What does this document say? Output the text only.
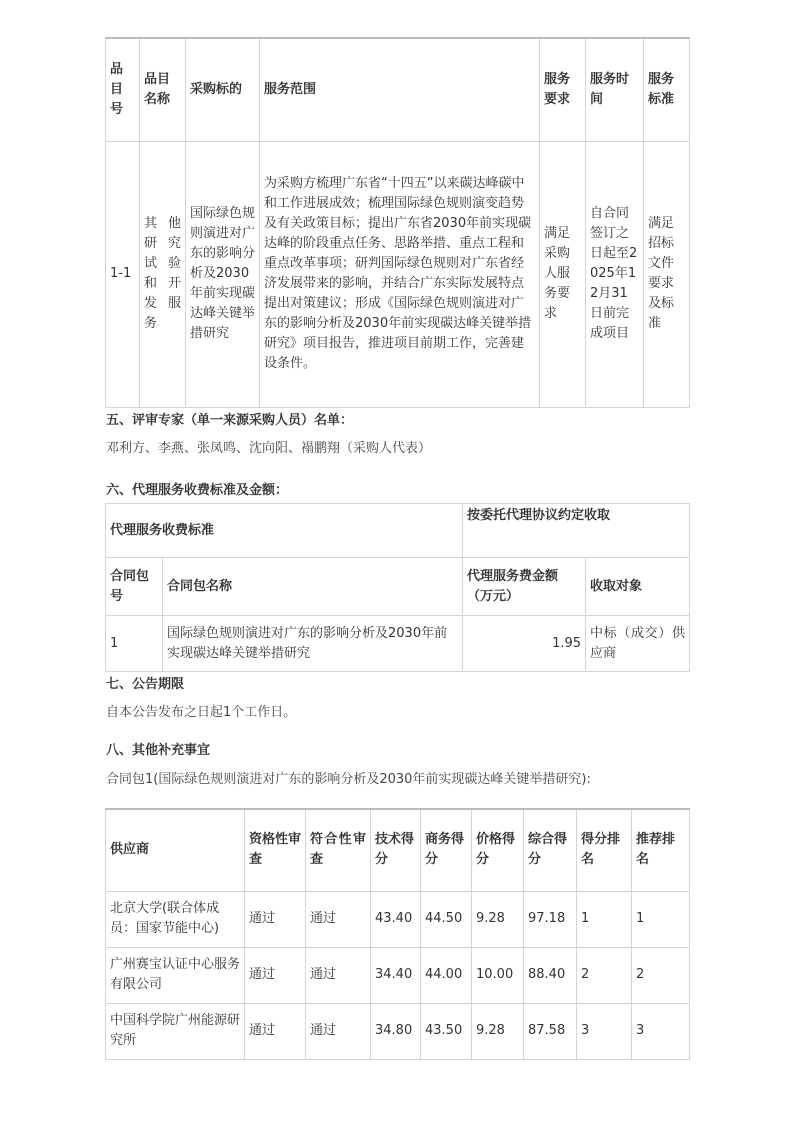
品目号	品目名称	采购标的	服务范围	服务要求	服务时间	服务标准
1-1	其他研究试验和开发服务	国际绿色规则演进对广东的影响分析及2030年前实现碳达峰关键举措研究	为采购方梳理广东省“十四五”以来碳达峰碳中和工作进展成效；梳理国际绿色规则演变趋势及有关政策目标；提出广东省2030年前实现碳达峰的阶段重点任务、思路举措、重点工程和重点改革事项；研判国际绿色规则对广东省经济发展带来的影响，并结合广东实际发展特点提出对策建议；形成《国际绿色规则演进对广东的影响分析及2030年前实现碳达峰关键举措研究》项目报告，推进项目前期工作，完善建设条件。	满足采购人服务要求	自合同签订之日起至2025年12月31日前完成项目	满足招标文件要求及标准
五、评审专家（单一来源采购人员）名单：
邓利方、李燕、张凤鸣、沈向阳、褟鹏翔（采购人代表）
六、代理服务收费标准及金额：
代理服务收费标准		按委托代理协议约定收取	
合同包号	合同包名称	代理服务费金额（万元）	收取对象
1	国际绿色规则演进对广东的影响分析及2030年前实现碳达峰关键举措研究	1.95	中标（成交）供应商
七、公告期限
自本公告发布之日起1个工作日。
八、其他补充事宜
合同包1(国际绿色规则演进对广东的影响分析及2030年前实现碳达峰关键举措研究):
供应商	资格性审查	符合性审查	技术得分	商务得分	价格得分	综合得分	得分排名	推荐排名
北京大学(联合体成员：国家节能中心)	通过	通过	43.40	44.50	9.28	97.18	1	1
广州赛宝认证中心服务有限公司	通过	通过	34.40	44.00	10.00	88.40	2	2
中国科学院广州能源研究所	通过	通过	34.80	43.50	9.28	87.58	3	3
